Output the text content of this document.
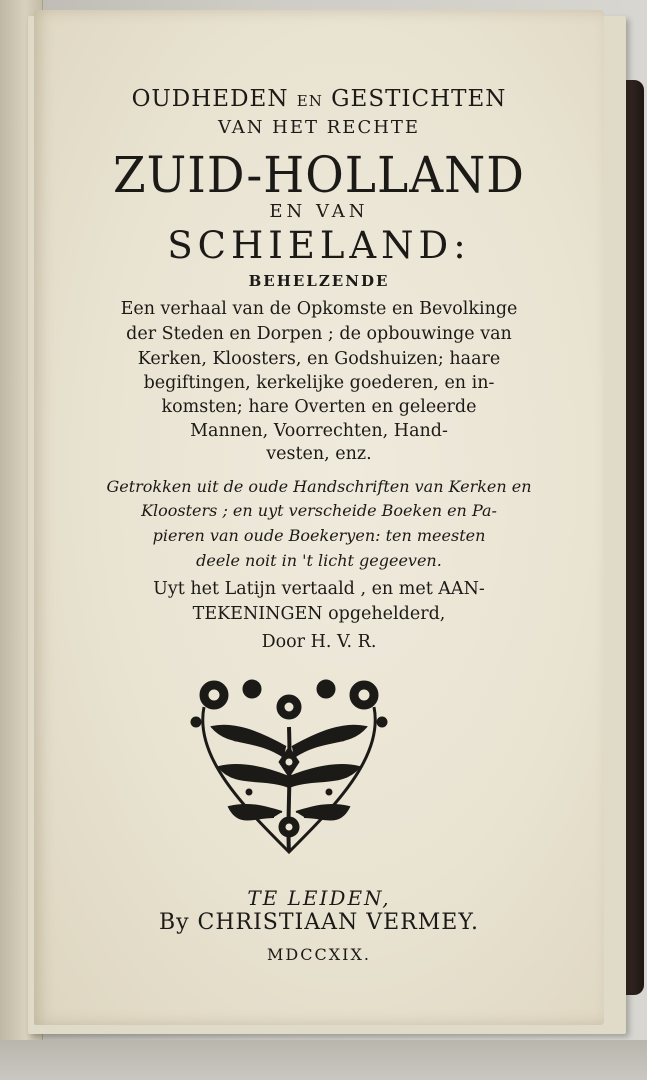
OUDHEDEN EN GESTICHTEN

VAN HET RECHTE

ZUID-HOLLAND

EN VAN

SCHIELAND:

BEHELZENDE

Een verhaal van de Opkomste en Bevolkinge

der Steden en Dorpen ; de opbouwinge van

Kerken, Kloosters, en Godshuizen; haare

begiftingen, kerkelijke goederen, en in-

komsten; hare Overten en geleerde

Mannen, Voorrechten, Hand-

vesten, enz.

Getrokken uit de oude Handschriften van Kerken en

Kloosters ; en uyt verscheide Boeken en Pa-

pieren van oude Boekeryen: ten meesten

deele noit in 't licht gegeeven.

Uyt het Latijn vertaald , en met AAN-

TEKENINGEN opgehelderd,

Door H. V. R.

TE LEIDEN,

By CHRISTIAAN VERMEY.

MDCCXIX.
